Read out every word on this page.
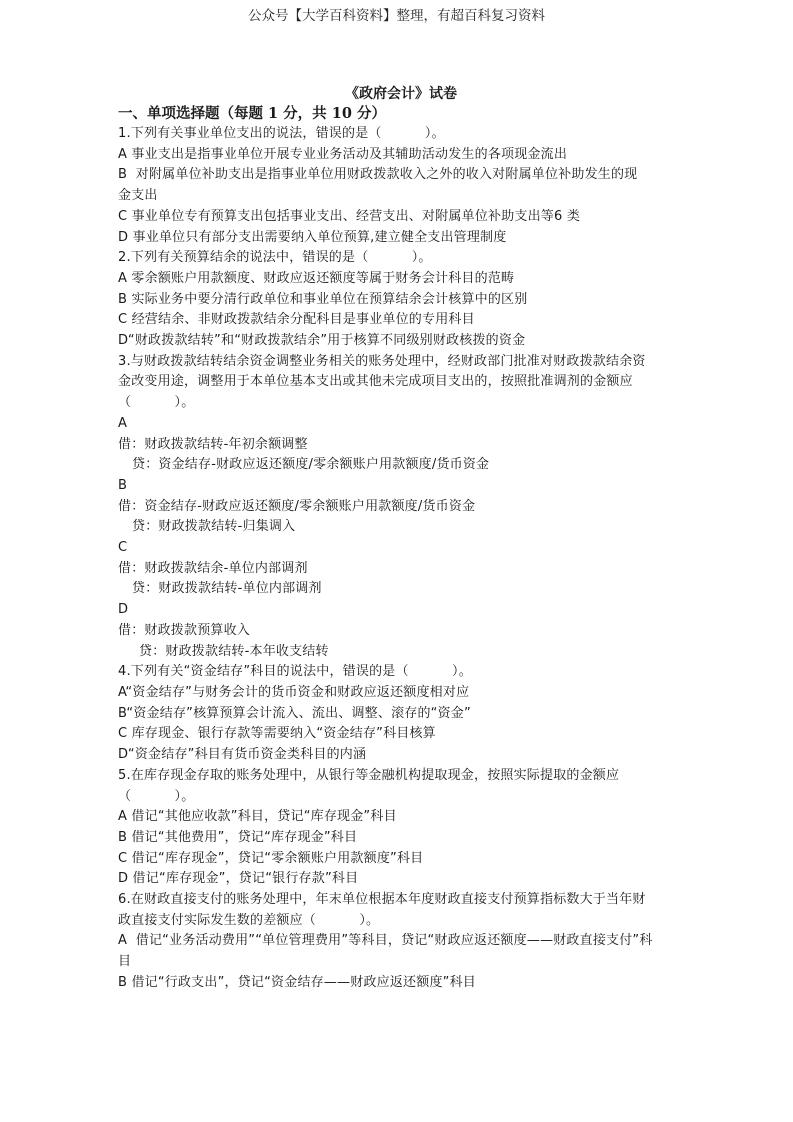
公众号【大学百科资料】整理，有超百科复习资料
《政府会计》试卷
一、单项选择题（每题 1 分，共 10 分）
1.下列有关事业单位支出的说法，错误的是（          ）。
A 事业支出是指事业单位开展专业业务活动及其辅助活动发生的各项现金流出
B  对附属单位补助支出是指事业单位用财政拨款收入之外的收入对附属单位补助发生的现
金支出
C 事业单位专有预算支出包括事业支出、经营支出、对附属单位补助支出等6 类
D 事业单位只有部分支出需要纳入单位预算,建立健全支出管理制度
2.下列有关预算结余的说法中，错误的是（          ）。
A 零余额账户用款额度、财政应返还额度等属于财务会计科目的范畴
B 实际业务中要分清行政单位和事业单位在预算结余会计核算中的区别
C 经营结余、非财政拨款结余分配科目是事业单位的专用科目
D“财政拨款结转”和“财政拨款结余”用于核算不同级别财政核拨的资金
3.与财政拨款结转结余资金调整业务相关的账务处理中，经财政部门批准对财政拨款结余资
金改变用途，调整用于本单位基本支出或其他未完成项目支出的，按照批准调剂的金额应
（          ）。
A
借：财政拨款结转-年初余额调整
贷：资金结存-财政应返还额度/零余额账户用款额度/货币资金
B
借：资金结存-财政应返还额度/零余额账户用款额度/货币资金
贷：财政拨款结转-归集调入
C
借：财政拨款结余-单位内部调剂
贷：财政拨款结转-单位内部调剂
D
借：财政拨款预算收入
贷：财政拨款结转-本年收支结转
4.下列有关“资金结存”科目的说法中，错误的是（          ）。
A“资金结存”与财务会计的货币资金和财政应返还额度相对应
B“资金结存”核算预算会计流入、流出、调整、滚存的“资金”
C 库存现金、银行存款等需要纳入“资金结存”科目核算
D“资金结存”科目有货币资金类科目的内涵
5.在库存现金存取的账务处理中，从银行等金融机构提取现金，按照实际提取的金额应
（          ）。
A 借记“其他应收款”科目，贷记“库存现金”科目
B 借记“其他费用”，贷记“库存现金”科目
C 借记“库存现金”，贷记“零余额账户用款额度”科目
D 借记“库存现金”，贷记“银行存款”科目
6.在财政直接支付的账务处理中，年末单位根据本年度财政直接支付预算指标数大于当年财
政直接支付实际发生数的差额应（          ）。
A  借记“业务活动费用”“单位管理费用”等科目，贷记“财政应返还额度——财政直接支付”科
目
B 借记“行政支出”，贷记“资金结存——财政应返还额度”科目
